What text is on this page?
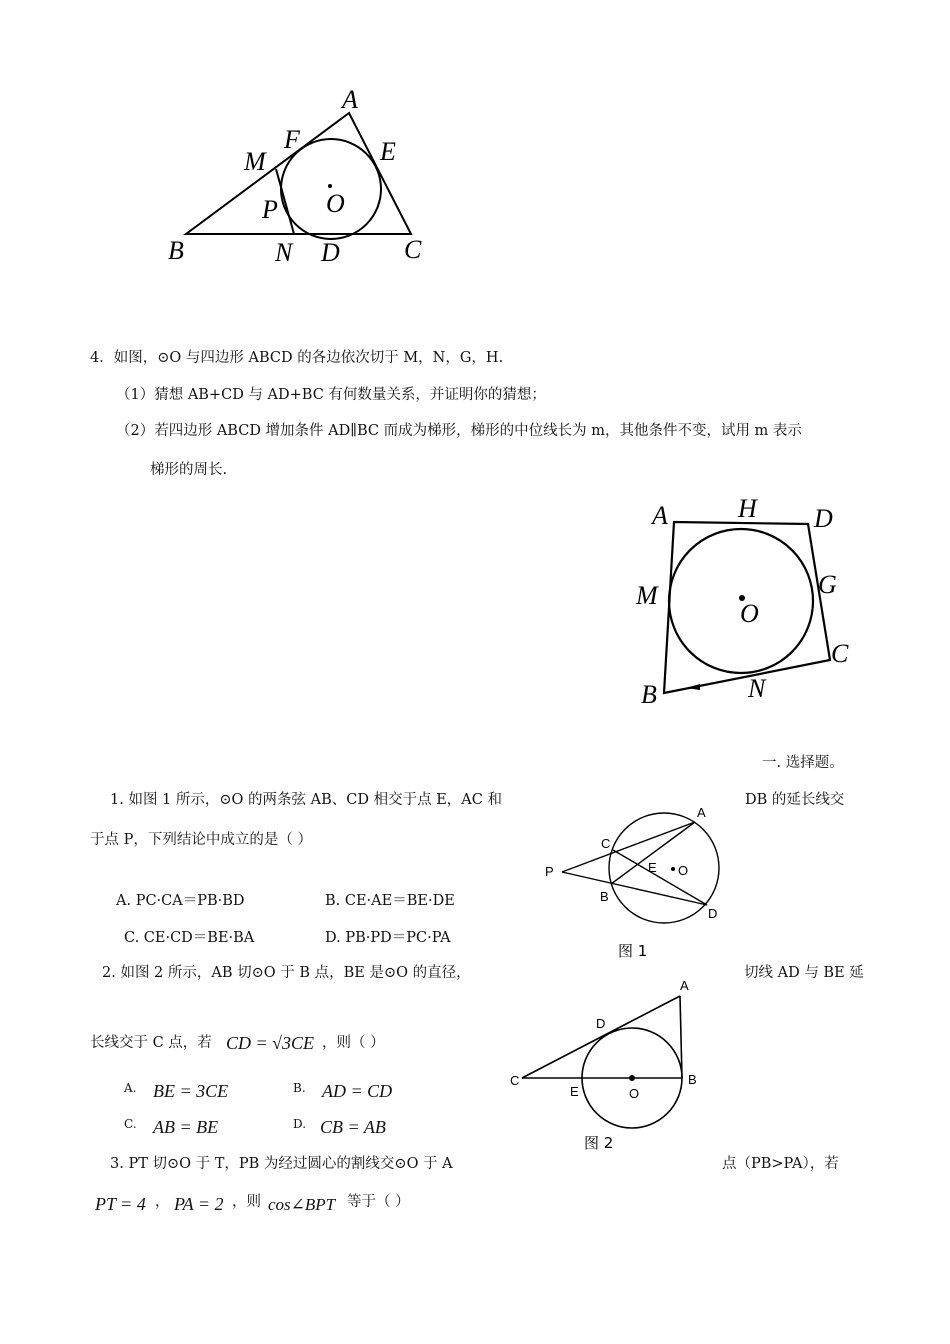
A
F	E
M
O
P
B	N D C
4．如图，⊙O 与四边形 ABCD 的各边依次切于 M，N，G，H.
（1）猜想 AB+CD 与 AD+BC 有何数量关系，并证明你的猜想；
（2）若四边形 ABCD 增加条件 AD∥BC 而成为梯形，梯形的中位线长为 m，其他条件不变，试用 m 表示
梯形的周长.
A	H D
M	G
O
C
B	N
一. 选择题。
1. 如图 1 所示，⊙O 的两条弦 AB、CD 相交于点 E，AC 和	DB 的延长线交
于点 P，下列结论中成立的是（ ）
A. PC·CA＝PB·BD	B. CE·AE＝BE·DE
C. CE·CD＝BE·BA	D. PB·PD＝PC·PA
A
C
P	E O
B
D
图 1
2. 如图 2 所示，AB 切⊙O 于 B 点，BE 是⊙O 的直径，	切线 AD 与 BE 延
长线交于 C 点，若 CD = √3CE ，则（ ）
A. BE = 3CE	B. AD = CD
C. AB = BE	D. CB = AB
A
D
C
E	O
B
图 2
3. PT 切⊙O 于 T，PB 为经过圆心的割线交⊙O 于 A	点（PB>PA），若
PT = 4 ， PA = 2 ，则 cos∠BPT 等于（ ）
